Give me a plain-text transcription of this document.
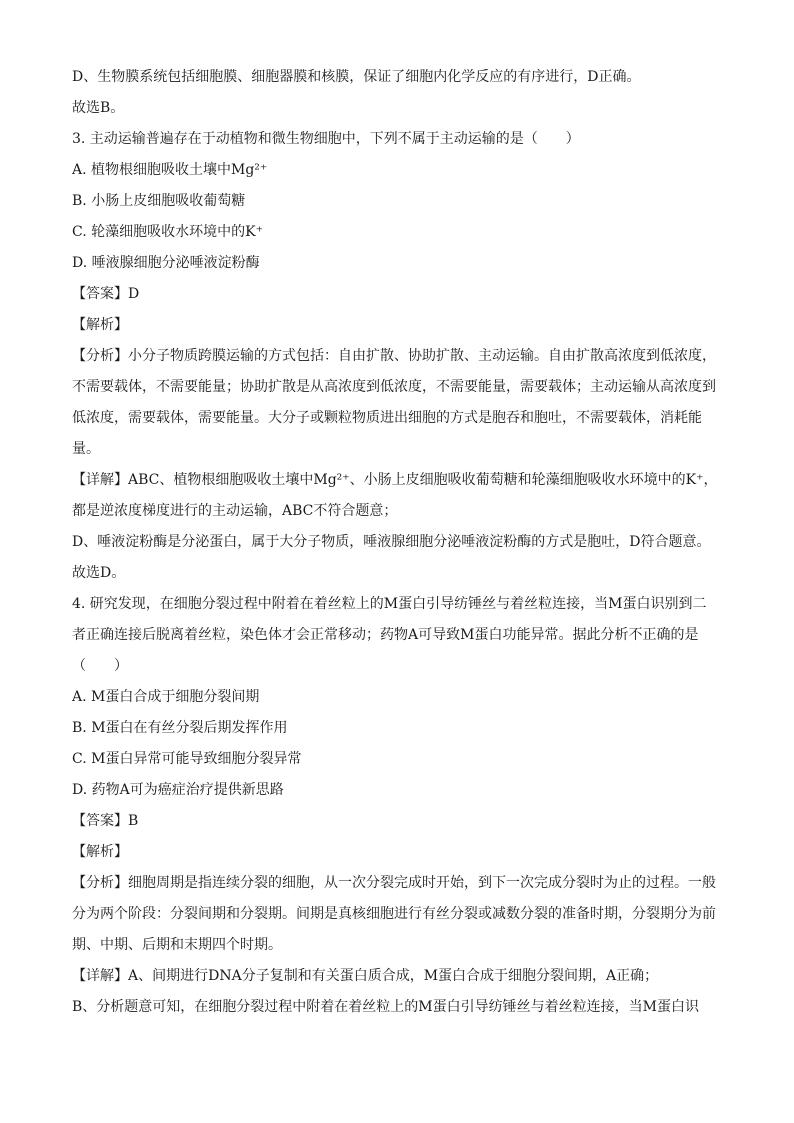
D、生物膜系统包括细胞膜、细胞器膜和核膜，保证了细胞内化学反应的有序进行，D正确。
故选B。
3. 主动运输普遍存在于动植物和微生物细胞中，下列不属于主动运输的是（　　）
A. 植物根细胞吸收土壤中Mg²⁺
B. 小肠上皮细胞吸收葡萄糖
C. 轮藻细胞吸收水环境中的K⁺
D. 唾液腺细胞分泌唾液淀粉酶
【答案】D
【解析】
【分析】小分子物质跨膜运输的方式包括：自由扩散、协助扩散、主动运输。自由扩散高浓度到低浓度，
不需要载体，不需要能量；协助扩散是从高浓度到低浓度，不需要能量，需要载体；主动运输从高浓度到
低浓度，需要载体，需要能量。大分子或颗粒物质进出细胞的方式是胞吞和胞吐，不需要载体，消耗能
量。
【详解】ABC、植物根细胞吸收土壤中Mg²⁺、小肠上皮细胞吸收葡萄糖和轮藻细胞吸收水环境中的K⁺，
都是逆浓度梯度进行的主动运输，ABC不符合题意；
D、唾液淀粉酶是分泌蛋白，属于大分子物质，唾液腺细胞分泌唾液淀粉酶的方式是胞吐，D符合题意。
故选D。
4. 研究发现，在细胞分裂过程中附着在着丝粒上的M蛋白引导纺锤丝与着丝粒连接，当M蛋白识别到二
者正确连接后脱离着丝粒，染色体才会正常移动；药物A可导致M蛋白功能异常。据此分析不正确的是
（　　）
A. M蛋白合成于细胞分裂间期
B. M蛋白在有丝分裂后期发挥作用
C. M蛋白异常可能导致细胞分裂异常
D. 药物A可为癌症治疗提供新思路
【答案】B
【解析】
【分析】细胞周期是指连续分裂的细胞，从一次分裂完成时开始，到下一次完成分裂时为止的过程。一般
分为两个阶段：分裂间期和分裂期。间期是真核细胞进行有丝分裂或减数分裂的准备时期，分裂期分为前
期、中期、后期和末期四个时期。
【详解】A、间期进行DNA分子复制和有关蛋白质合成，M蛋白合成于细胞分裂间期，A正确；
B、分析题意可知，在细胞分裂过程中附着在着丝粒上的M蛋白引导纺锤丝与着丝粒连接，当M蛋白识
